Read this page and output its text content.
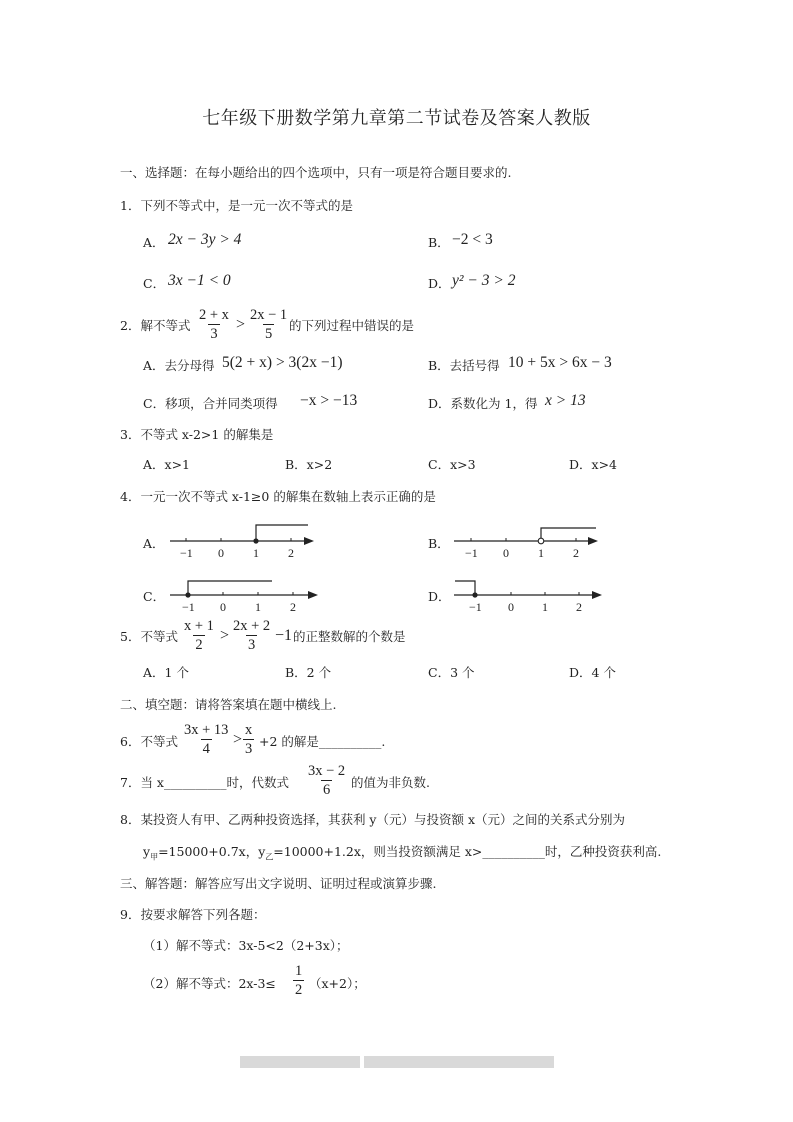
七年级下册数学第九章第二节试卷及答案人教版
一、选择题：在每小题给出的四个选项中，只有一项是符合题目要求的.
1．下列不等式中，是一元一次不等式的是
A． 2x − 3y > 4	B． −2 < 3
C． 3x −1 < 0	D． y² − 3 > 2
2．解不等式 $\frac{2 + x}{3} > \frac{2x - 1}{5}$ 的下列过程中错误的是
A．去分母得 5(2 + x) > 3(2x −1)	B．去括号得 10 + 5x > 6x − 3
C．移项，合并同类项得 −x > −13	D．系数化为 1，得 x > 13
3．不等式 x-2>1 的解集是
A．x>1	B．x>2	C．x>3	D．x>4
4．一元一次不等式 x-1≥0 的解集在数轴上表示正确的是
A．
−1 0 1 2
B．
−1 0 1 2
C．
−1 0 1 2
D．
−1 0 1 2
5．不等式 $\frac{x + 1}{2} > \frac{2x + 2}{3} -1$ 的正整数解的个数是
A．1 个	B．2 个	C．3 个	D．4 个
二、填空题：请将答案填在题中横线上.
6．不等式 $\frac{3x + 13}{4} > \frac{x}{3} +2$ 的解是__________.
7．当 x__________时，代数式 $\frac{3x - 2}{6}$ 的值为非负数.
8．某投资人有甲、乙两种投资选择，其获利 y（元）与投资额 x（元）之间的关系式分别为
$y_甲=15000+0.7x$，$y_乙=10000+1.2x$，则当投资额满足 x>__________时，乙种投资获利高.
三、解答题：解答应写出文字说明、证明过程或演算步骤.
9．按要求解答下列各题：
（1）解不等式：3x-5<2（2+3x）；
（2）解不等式：$2x-3\le \frac{1}{2} (x+2)$；
